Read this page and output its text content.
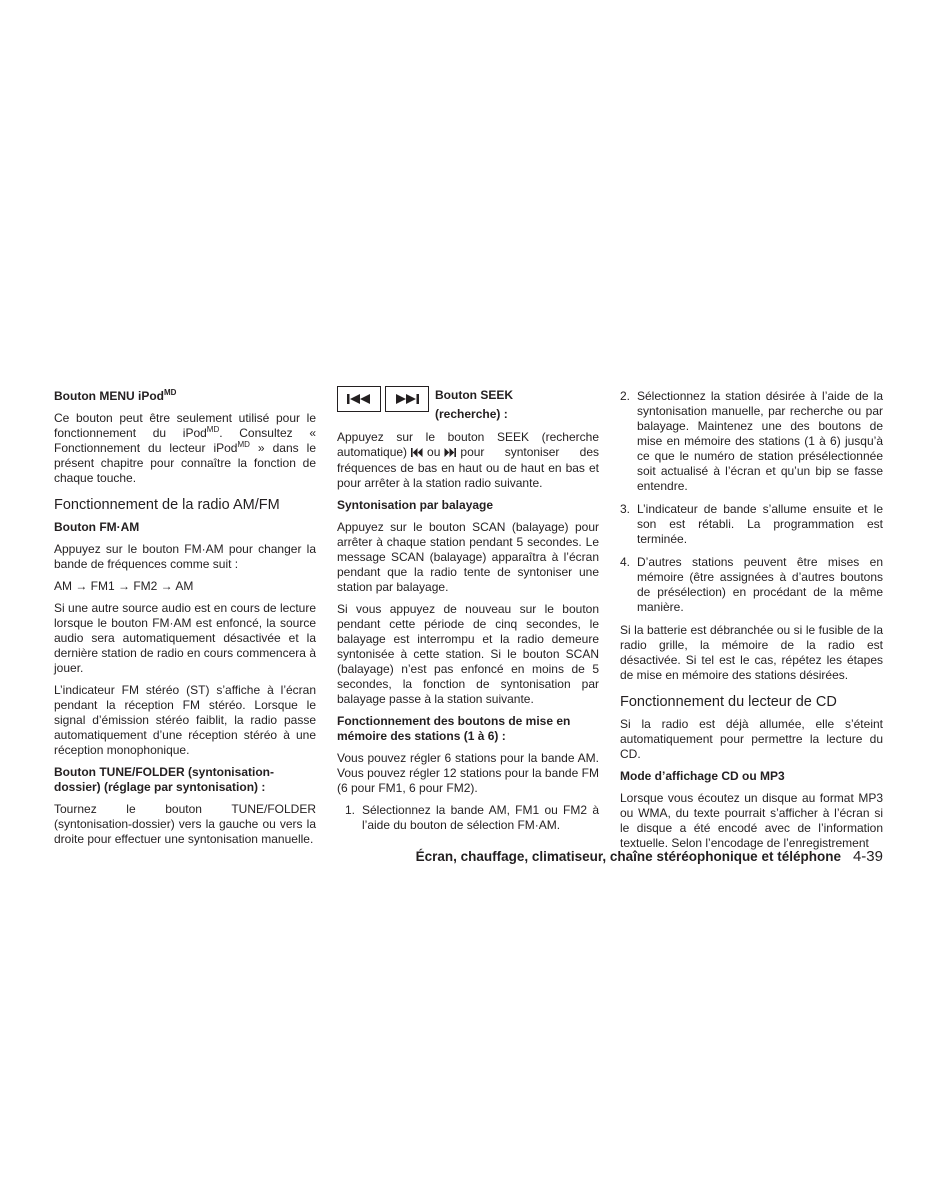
Bouton MENU iPod$^{MD}$

Ce bouton peut être seulement utilisé pour le fonctionnement du iPod$^{MD}$. Consultez « Fonctionnement du lecteur iPod$^{MD}$ » dans le présent chapitre pour connaître la fonction de chaque touche.

Fonctionnement de la radio AM/FM
Bouton FM·AM

Appuyez sur le bouton FM·AM pour changer la bande de fréquences comme suit :

AM → FM1 → FM2 → AM

Si une autre source audio est en cours de lecture lorsque le bouton FM·AM est enfoncé, la source audio sera automatiquement désactivée et la dernière station de radio en cours commencera à jouer.

L’indicateur FM stéréo (ST) s’affiche à l’écran pendant la réception FM stéréo. Lorsque le signal d’émission stéréo faiblit, la radio passe automatiquement d’une réception stéréo à une réception monophonique.

Bouton TUNE/FOLDER (syntonisation-dossier) (réglage par syntonisation) :

Tournez le bouton TUNE/FOLDER (syntonisation-dossier) vers la gauche ou vers la droite pour effectuer une syntonisation manuelle.

Bouton SEEK
(recherche) :

Appuyez sur le bouton SEEK (recherche automatique) ou pour syntoniser des fréquences de bas en haut ou de haut en bas et pour arrêter à la station radio suivante.

Syntonisation par balayage

Appuyez sur le bouton SCAN (balayage) pour arrêter à chaque station pendant 5 secondes. Le message SCAN (balayage) apparaîtra à l’écran pendant que la radio tente de syntoniser une station par balayage.

Si vous appuyez de nouveau sur le bouton pendant cette période de cinq secondes, le balayage est interrompu et la radio demeure syntonisée à cette station. Si le bouton SCAN (balayage) n’est pas enfoncé en moins de 5 secondes, la fonction de syntonisation par balayage passe à la station suivante.

Fonctionnement des boutons de mise en mémoire des stations (1 à 6) :

Vous pouvez régler 6 stations pour la bande AM. Vous pouvez régler 12 stations pour la bande FM (6 pour FM1, 6 pour FM2).

1. Sélectionnez la bande AM, FM1 ou FM2 à l’aide du bouton de sélection FM·AM.
2. Sélectionnez la station désirée à l’aide de la syntonisation manuelle, par recherche ou par balayage. Maintenez une des boutons de mise en mémoire des stations (1 à 6) jusqu’à ce que le numéro de station présélectionnée soit actualisé à l’écran et qu’un bip se fasse entendre.
3. L’indicateur de bande s’allume ensuite et le son est rétabli. La programmation est terminée.
4. D’autres stations peuvent être mises en mémoire (être assignées à d’autres boutons de présélection) en procédant de la même manière.

Si la batterie est débranchée ou si le fusible de la radio grille, la mémoire de la radio est désactivée. Si tel est le cas, répétez les étapes de mise en mémoire des stations désirées.

Fonctionnement du lecteur de CD

Si la radio est déjà allumée, elle s’éteint automatiquement pour permettre la lecture du CD.

Mode d’affichage CD ou MP3

Lorsque vous écoutez un disque au format MP3 ou WMA, du texte pourrait s’afficher à l’écran si le disque a été encodé avec de l’information textuelle. Selon l’encodage de l’enregistrement

Écran, chauffage, climatiseur, chaîne stéréophonique et téléphone 4-39
